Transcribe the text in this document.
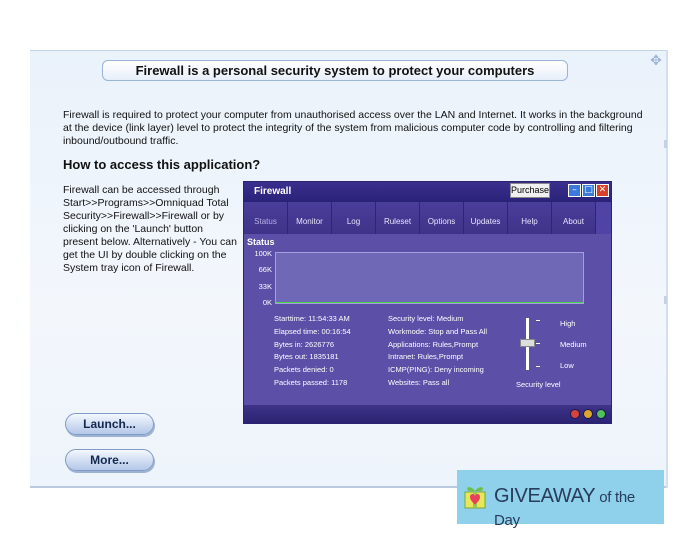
✥
Firewall is a personal security system to protect your computers
Firewall is required to protect your computer from unauthorised access over the LAN and Internet. It works in the background at the device (link layer) level to protect the integrity of the system from malicious computer code by controlling and filtering inbound/outbound traffic.
How to access this application?
Firewall can be accessed through Start>>Programs>>Omniquad Total Security>>Firewall>>Firewall or by clicking on the 'Launch' button present below. Alternatively - You can get the UI by double clicking on the System tray icon of Firewall.
Launch...
More...
Firewall	Purchase	– □ ✕
Status	Monitor	Log	Ruleset	Options	Updates	Help	About
Status
100K
66K
33K
0K
Starttime: 11:54:33 AM
Elapsed time: 00:16:54
Bytes in: 2626776
Bytes out: 1835181
Packets denied: 0
Packets passed: 1178
Security level: Medium
Workmode: Stop and Pass All
Applications: Rules,Prompt
Intranet: Rules,Prompt
ICMP(PING): Deny incoming
Websites: Pass all
High
Medium
Low
Security level
GIVEAWAY of the Day
